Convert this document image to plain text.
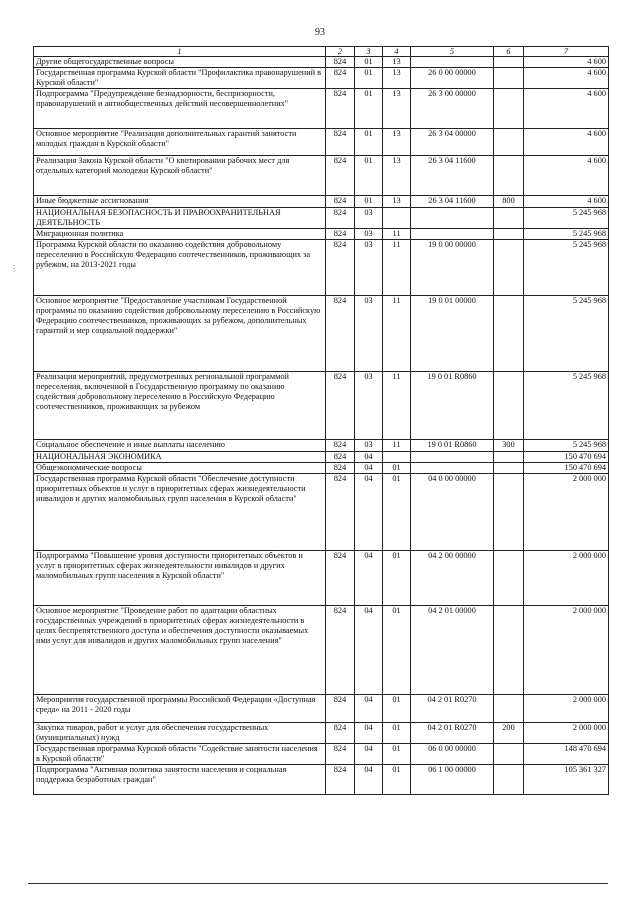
93
1	2	3	4	5	6	7
Другие общегосударственные вопросы	824	01	13			4 600
Государственная программа Курской области "Профилактика правонарушений в Курской области"	824	01	13	26 0 00 00000		4 600
Подпрограмма "Предупреждение безнадзорности, беспризорности, правонарушений и антиобщественных действий несовершеннолетних"	824	01	13	26 3 00 00000		4 600
Основное мероприятие "Реализация дополнительных гарантий занятости молодых граждан в Курской области"	824	01	13	26 3 04 00000		4 600
Реализация Закона Курской области "О квотировании рабочих мест для отдельных категорий молодежи Курской области"	824	01	13	26 3 04 11600		4 600
Иные бюджетные ассигнования	824	01	13	26 3 04 11600	800	4 600
НАЦИОНАЛЬНАЯ БЕЗОПАСНОСТЬ И ПРАВООХРАНИТЕЛЬНАЯ ДЕЯТЕЛЬНОСТЬ	824	03				5 245 968
Миграционная политика	824	03	11			5 245 968
Программа Курской области по оказанию содействия добровольному переселению в Российскую Федерацию соотечественников, проживающих за рубежом, на 2013-2021 годы	824	03	11	19 0 00 00000		5 245 968
Основное мероприятие "Предоставление участникам Государственной программы по оказанию содействия добровольному переселению в Российскую Федерацию соотечественников, проживающих за рубежом, дополнительных гарантий и мер социальной поддержки"	824	03	11	19 0 01 00000		5 245 968
Реализация мероприятий, предусмотренных региональной программой переселения, включенной в Государственную программу по оказанию содействия добровольному переселению в Российскую Федерацию соотечественников, проживающих за рубежом	824	03	11	19 0 01 R0860		5 245 968
Социальное обеспечение и иные выплаты населению	824	03	11	19 0 01 R0860	300	5 245 968
НАЦИОНАЛЬНАЯ ЭКОНОМИКА	824	04				150 470 694
Общеэкономические вопросы	824	04	01			150 470 694
Государственная программа Курской области "Обеспечение доступности приоритетных объектов и услуг в приоритетных сферах жизнедеятельности инвалидов и других маломобильных групп населения в Курской области"	824	04	01	04 0 00 00000		2 000 000
Подпрограмма "Повышение уровня доступности приоритетных объектов и услуг в приоритетных сферах жизнедеятельности инвалидов и других маломобильных групп населения в Курской области"	824	04	01	04 2 00 00000		2 000 000
Основное мероприятие "Проведение работ по адаптации областных государственных учреждений в приоритетных сферах жизнедеятельности в целях беспрепятственного доступа и обеспечения доступности оказываемых ими услуг для инвалидов и других маломобильных групп населения"	824	04	01	04 2 01 00000		2 000 000
Мероприятия государственной программы Российской Федерации «Доступная среда» на 2011 - 2020 годы	824	04	01	04 2 01 R0270		2 000 000
Закупка товаров, работ и услуг для обеспечения государственных (муниципальных) нужд	824	04	01	04 2 01 R0270	200	2 000 000
Государственная программа Курской области "Содействие занятости населения в Курской области"	824	04	01	06 0 00 00000		148 470 694
Подпрограмма "Активная политика занятости населения и социальная поддержка безработных граждан"	824	04	01	06 1 00 00000		105 361 327
⋮
